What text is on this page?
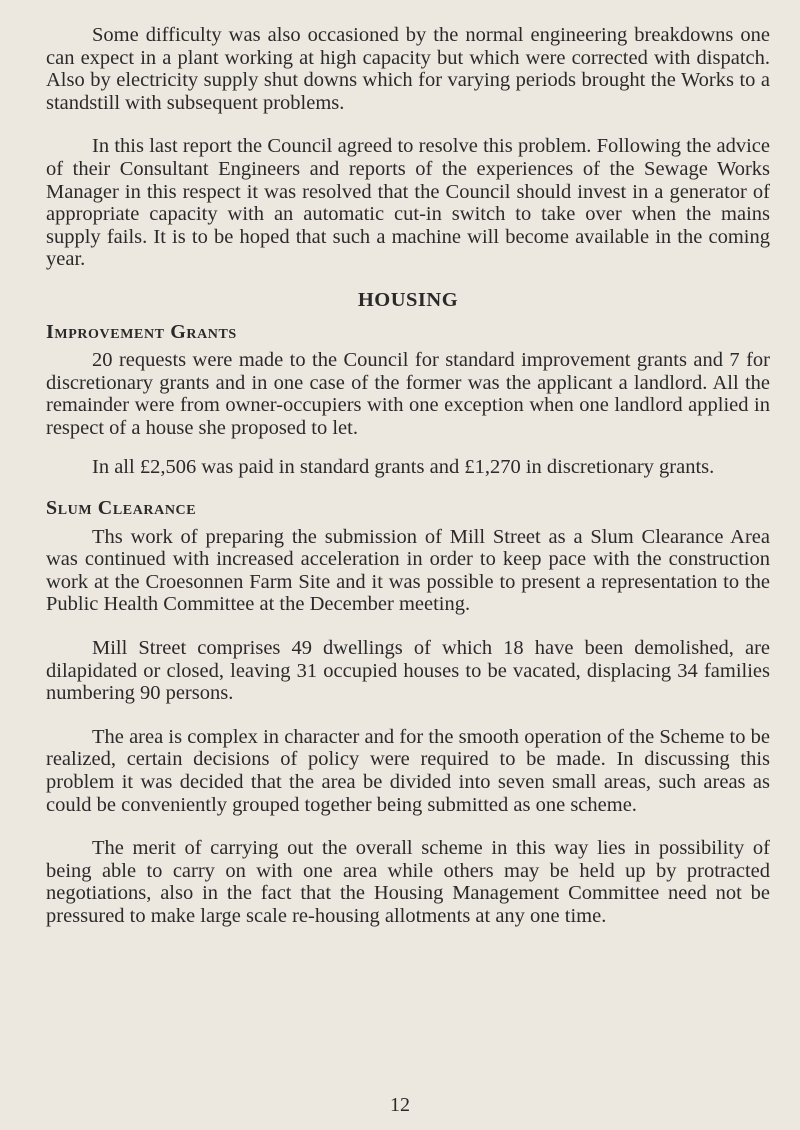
Some difficulty was also occasioned by the normal engineering breakdowns one can expect in a plant working at high capacity but which were corrected with dispatch. Also by electricity supply shut downs which for varying periods brought the Works to a standstill with subsequent problems.

In this last report the Council agreed to resolve this problem. Following the advice of their Consultant Engineers and reports of the experiences of the Sewage Works Manager in this respect it was resolved that the Council should invest in a generator of appropriate capacity with an automatic cut-in switch to take over when the mains supply fails. It is to be hoped that such a machine will become available in the coming year.

HOUSING
Improvement Grants

20 requests were made to the Council for standard improvement grants and 7 for discretionary grants and in one case of the former was the applicant a landlord. All the remainder were from owner-occupiers with one exception when one landlord applied in respect of a house she proposed to let.

In all £2,506 was paid in standard grants and £1,270 in discretionary grants.

Slum Clearance

Ths work of preparing the submission of Mill Street as a Slum Clearance Area was continued with increased acceleration in order to keep pace with the construction work at the Croesonnen Farm Site and it was possible to present a representation to the Public Health Committee at the December meeting.

Mill Street comprises 49 dwellings of which 18 have been demolished, are dilapidated or closed, leaving 31 occupied houses to be vacated, displacing 34 families numbering 90 persons.

The area is complex in character and for the smooth operation of the Scheme to be realized, certain decisions of policy were required to be made. In discussing this problem it was decided that the area be divided into seven small areas, such areas as could be conveniently grouped together being submitted as one scheme.

The merit of carrying out the overall scheme in this way lies in possibility of being able to carry on with one area while others may be held up by protracted negotiations, also in the fact that the Housing Management Committee need not be pressured to make large scale re-housing allotments at any one time.

12
